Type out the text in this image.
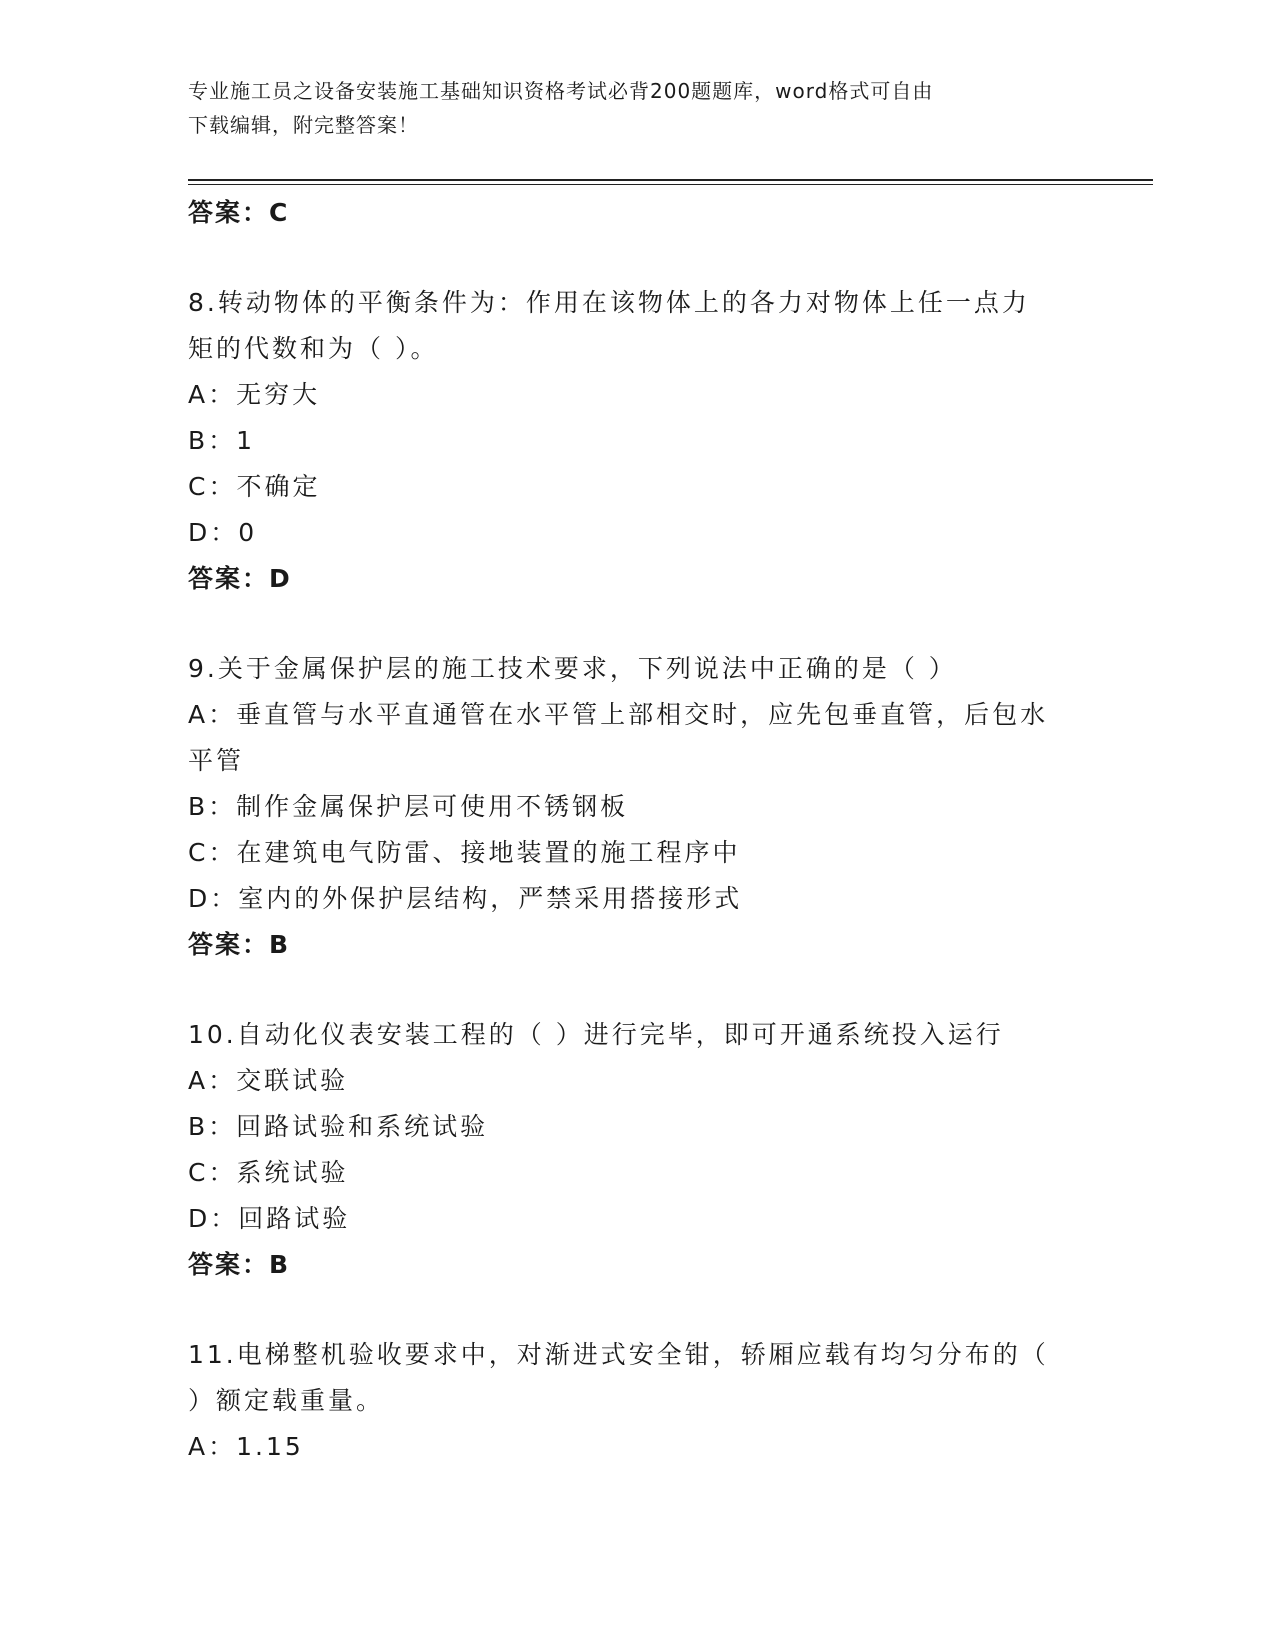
专业施工员之设备安装施工基础知识资格考试必背200题题库，word格式可自由
下载编辑，附完整答案！
答案：C
8.转动物体的平衡条件为：作用在该物体上的各力对物体上任一点力
矩的代数和为（ ）。
A：无穷大
B：1
C：不确定
D：0
答案：D
9.关于金属保护层的施工技术要求，下列说法中正确的是（ ）
A：垂直管与水平直通管在水平管上部相交时，应先包垂直管，后包水
平管
B：制作金属保护层可使用不锈钢板
C：在建筑电气防雷、接地装置的施工程序中
D：室内的外保护层结构，严禁采用搭接形式
答案：B
10.自动化仪表安装工程的（ ）进行完毕，即可开通系统投入运行
A：交联试验
B：回路试验和系统试验
C：系统试验
D：回路试验
答案：B
11.电梯整机验收要求中，对渐进式安全钳，轿厢应载有均匀分布的（
）额定载重量。
A：1.15
